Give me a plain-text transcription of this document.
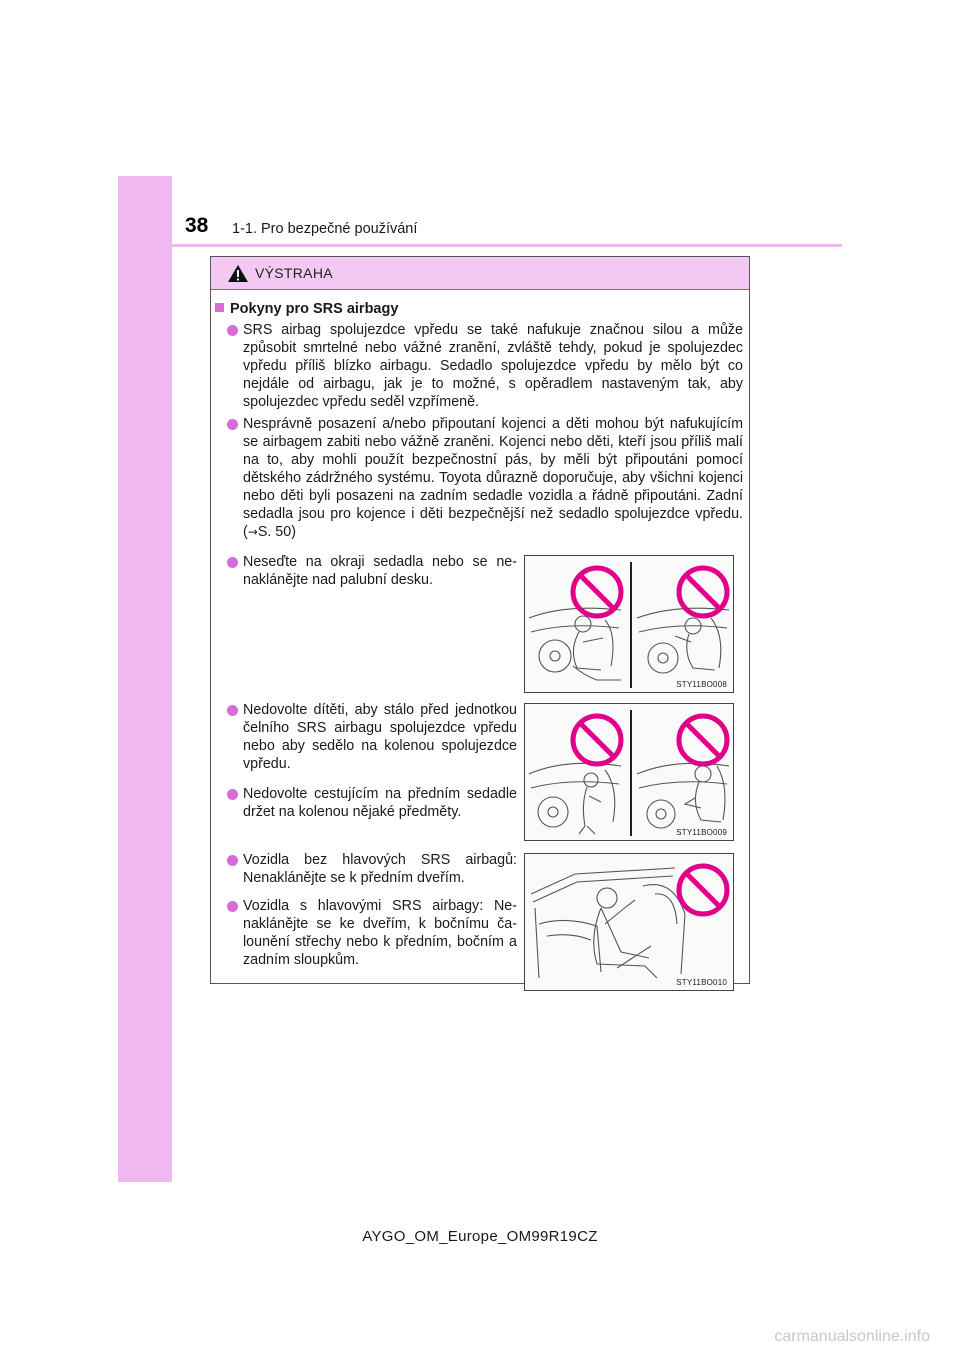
38 1-1. Pro bezpečné používání
VÝSTRAHA
Pokyny pro SRS airbagy
SRS airbag spolujezdce vpředu se také nafukuje značnou silou a může způsobit smrtelné nebo vážné zranění, zvláště tehdy, pokud je spolujezdec vpředu příliš blízko airbagu. Sedadlo spolujezdce vpředu by mělo být co nejdále od airbagu, jak je to možné, s opěradlem nastaveným tak, aby spolujezdec vpředu seděl vzpřímeně.
Nesprávně posazení a/nebo připoutaní kojenci a děti mohou být nafukujícím se airbagem zabiti nebo vážně zraněni. Kojenci nebo děti, kteří jsou příliš malí na to, aby mohli použít bezpečnostní pás, by měli být připoutáni pomocí dětského zádržného systému. Toyota důrazně doporučuje, aby všichni kojenci nebo děti byli posazeni na zadním sedadle vozidla a řádně připoutáni. Zadní sedadla jsou pro kojence i děti bezpečnější než sedadlo spolujezdce vpředu. (→S. 50)
Neseďte na okraji sedadla nebo se nenaklánějte nad palubní desku.
Nedovolte dítěti, aby stálo před jednotkou čelního SRS airbagu spolujezdce vpředu nebo aby sedělo na kolenou spolujezdce vpředu.
Nedovolte cestujícím na předním sedadle držet na kolenou nějaké předměty.
Vozidla bez hlavových SRS airbagů: Nenaklánějte se k předním dveřím.
Vozidla s hlavovými SRS airbagy: Nenaklánějte se ke dveřím, k bočnímu čalounění střechy nebo k předním, bočním a zadním sloupkům.
STY11BO008
STY11BO009
STY11BO010
AYGO_OM_Europe_OM99R19CZ
carmanualsonline.info
